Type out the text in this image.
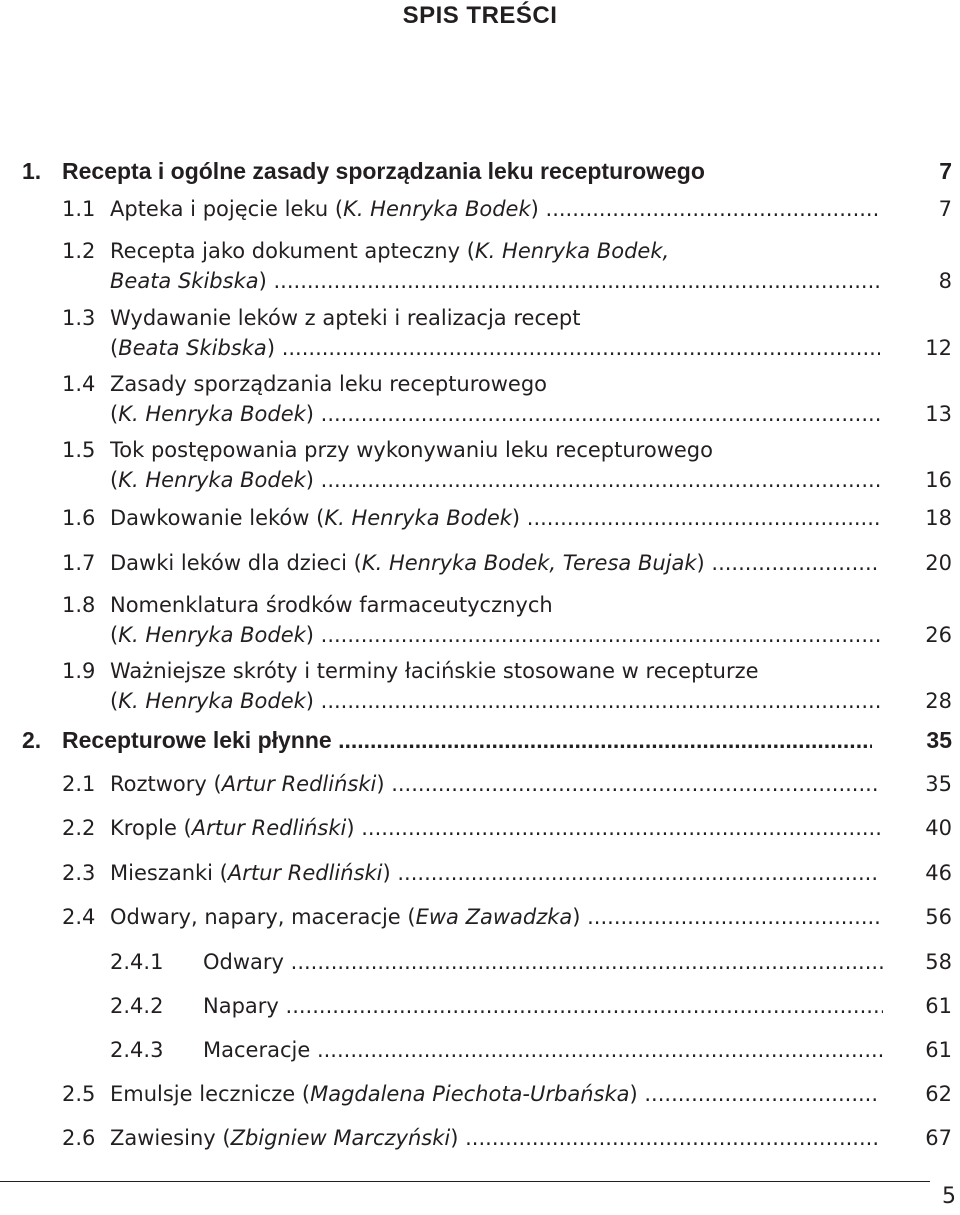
SPIS TREŚCI
1. Recepta i ogólne zasady sporządzania leku recepturowego	7
1.1 Apteka i pojęcie leku (K. Henryka Bodek) .....	7
1.2 Recepta jako dokument apteczny (K. Henryka Bodek,
Beata Skibska) .....	8
1.3 Wydawanie leków z apteki i realizacja recept
(Beata Skibska) .....	12
1.4 Zasady sporządzania leku recepturowego
(K. Henryka Bodek) .....	13
1.5 Tok postępowania przy wykonywaniu leku recepturowego
(K. Henryka Bodek) .....	16
1.6 Dawkowanie leków (K. Henryka Bodek) .....	18
1.7 Dawki leków dla dzieci (K. Henryka Bodek, Teresa Bujak) .....	20
1.8 Nomenklatura środków farmaceutycznych
(K. Henryka Bodek) .....	26
1.9 Ważniejsze skróty i terminy łacińskie stosowane w recepturze
(K. Henryka Bodek) .....	28
2. Recepturowe leki płynne .....	35
2.1 Roztwory (Artur Redliński) .....	35
2.2 Krople (Artur Redliński) .....	40
2.3 Mieszanki (Artur Redliński) .....	46
2.4 Odwary, napary, maceracje (Ewa Zawadzka) .....	56
2.4.1 Odwary .....	58
2.4.2 Napary .....	61
2.4.3 Maceracje .....	61
2.5 Emulsje lecznicze (Magdalena Piechota-Urbańska) .....	62
2.6 Zawiesiny (Zbigniew Marczyński) .....	67
5
